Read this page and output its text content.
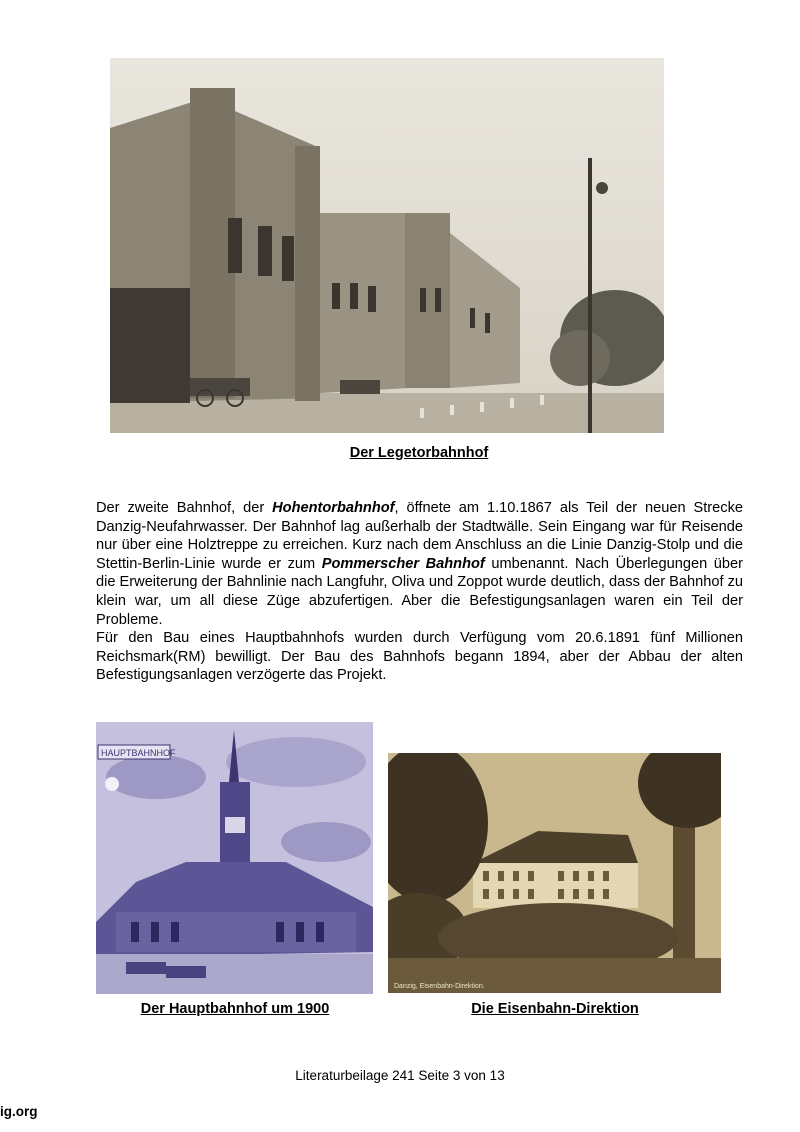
Der Legetorbahnhof

Der zweite Bahnhof, der Hohentorbahnhof, öffnete am 1.10.1867 als Teil der neuen Strecke Danzig-Neufahrwasser. Der Bahnhof lag außerhalb der Stadtwälle. Sein Eingang war für Reisende nur über eine Holztreppe zu erreichen. Kurz nach dem Anschluss an die Linie Danzig-Stolp und die Stettin-Berlin-Linie wurde er zum Pommerscher Bahnhof umbenannt. Nach Überlegungen über die Erweiterung der Bahnlinie nach Langfuhr, Oliva und Zoppot wurde deutlich, dass der Bahnhof zu klein war, um all diese Züge abzufertigen. Aber die Befestigungsanlagen waren ein Teil der Probleme.

Für den Bau eines Hauptbahnhofs wurden durch Verfügung vom 20.6.1891 fünf Millionen Reichsmark(RM) bewilligt. Der Bau des Bahnhofs begann 1894, aber der Abbau der alten Befestigungsanlagen verzögerte das Projekt.

HAUPTBAHNHOF
Der Hauptbahnhof um 1900
Danzig, Eisenbahn-Direktion.
Die Eisenbahn-Direktion
Literaturbeilage 241 Seite 3 von 13
ig.org
